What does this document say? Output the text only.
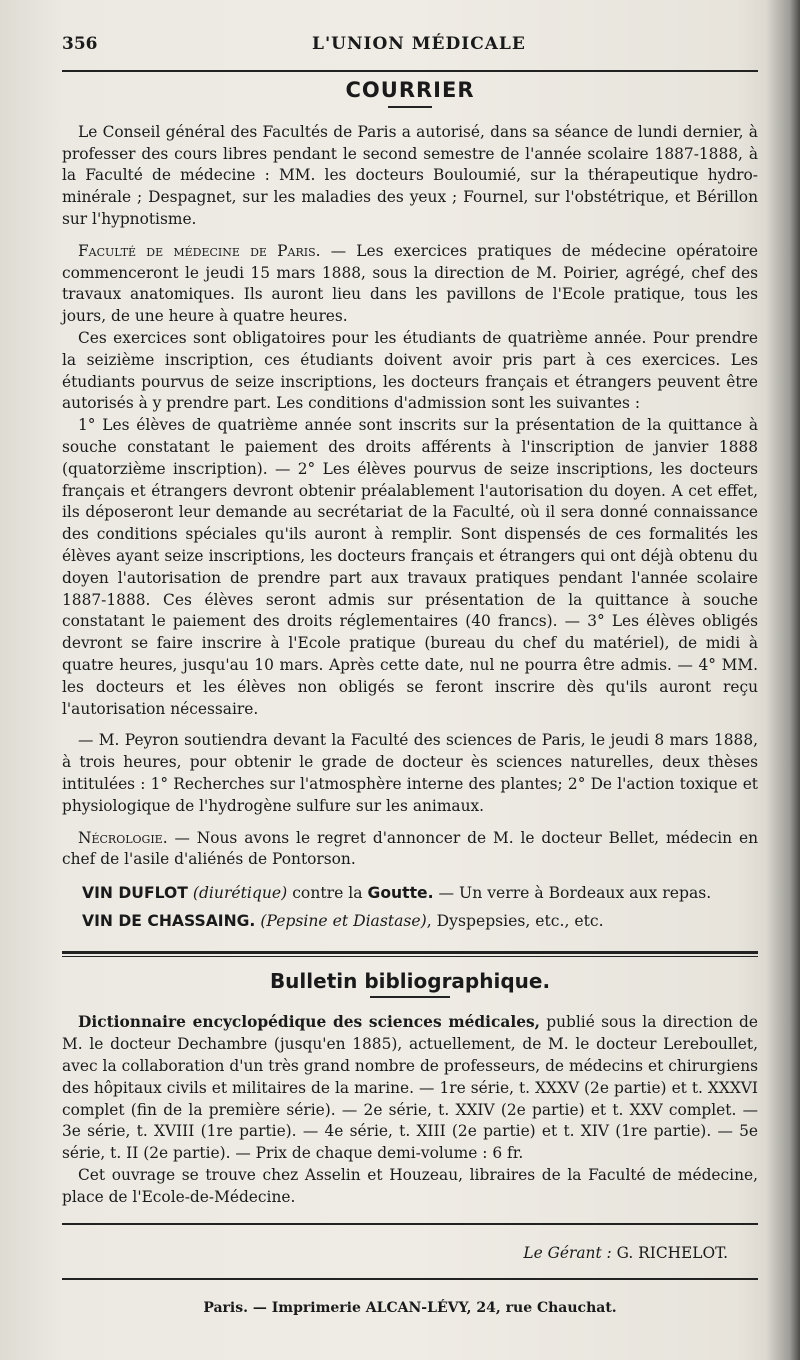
356	L'UNION MÉDICALE
COURRIER

Le Conseil général des Facultés de Paris a autorisé, dans sa séance de lundi dernier, à professer des cours libres pendant le second semestre de l'année scolaire 1887-1888, à la Faculté de médecine : MM. les docteurs Bouloumié, sur la thérapeutique hydro-minérale ; Despagnet, sur les maladies des yeux ; Fournel, sur l'obstétrique, et Bérillon sur l'hypnotisme.

Faculté de médecine de Paris. — Les exercices pratiques de médecine opératoire commenceront le jeudi 15 mars 1888, sous la direction de M. Poirier, agrégé, chef des travaux anatomiques. Ils auront lieu dans les pavillons de l'Ecole pratique, tous les jours, de une heure à quatre heures.

Ces exercices sont obligatoires pour les étudiants de quatrième année. Pour prendre la seizième inscription, ces étudiants doivent avoir pris part à ces exercices. Les étudiants pourvus de seize inscriptions, les docteurs français et étrangers peuvent être autorisés à y prendre part. Les conditions d'admission sont les suivantes :

1° Les élèves de quatrième année sont inscrits sur la présentation de la quittance à souche constatant le paiement des droits afférents à l'inscription de janvier 1888 (quatorzième inscription). — 2° Les élèves pourvus de seize inscriptions, les docteurs français et étrangers devront obtenir préalablement l'autorisation du doyen. A cet effet, ils déposeront leur demande au secrétariat de la Faculté, où il sera donné connaissance des conditions spéciales qu'ils auront à remplir. Sont dispensés de ces formalités les élèves ayant seize inscriptions, les docteurs français et étrangers qui ont déjà obtenu du doyen l'autorisation de prendre part aux travaux pratiques pendant l'année scolaire 1887-1888. Ces élèves seront admis sur présentation de la quittance à souche constatant le paiement des droits réglementaires (40 francs). — 3° Les élèves obligés devront se faire inscrire à l'Ecole pratique (bureau du chef du matériel), de midi à quatre heures, jusqu'au 10 mars. Après cette date, nul ne pourra être admis. — 4° MM. les docteurs et les élèves non obligés se feront inscrire dès qu'ils auront reçu l'autorisation nécessaire.

— M. Peyron soutiendra devant la Faculté des sciences de Paris, le jeudi 8 mars 1888, à trois heures, pour obtenir le grade de docteur ès sciences naturelles, deux thèses intitulées : 1° Recherches sur l'atmosphère interne des plantes; 2° De l'action toxique et physiologique de l'hydrogène sulfure sur les animaux.

Nécrologie. — Nous avons le regret d'annoncer de M. le docteur Bellet, médecin en chef de l'asile d'aliénés de Pontorson.

VIN DUFLOT (diurétique) contre la Goutte. — Un verre à Bordeaux aux repas.

VIN DE CHASSAING. (Pepsine et Diastase), Dyspepsies, etc., etc.

Bulletin bibliographique.

Dictionnaire encyclopédique des sciences médicales, publié sous la direction de M. le docteur Dechambre (jusqu'en 1885), actuellement, de M. le docteur Lereboullet, avec la collaboration d'un très grand nombre de professeurs, de médecins et chirurgiens des hôpitaux civils et militaires de la marine. — 1re série, t. XXXV (2e partie) et t. XXXVI complet (fin de la première série). — 2e série, t. XXIV (2e partie) et t. XXV complet. — 3e série, t. XVIII (1re partie). — 4e série, t. XIII (2e partie) et t. XIV (1re partie). — 5e série, t. II (2e partie). — Prix de chaque demi-volume : 6 fr.

Cet ouvrage se trouve chez Asselin et Houzeau, libraires de la Faculté de médecine, place de l'Ecole-de-Médecine.

Le Gérant : G. RICHELOT.
Paris. — Imprimerie ALCAN-LÉVY, 24, rue Chauchat.
